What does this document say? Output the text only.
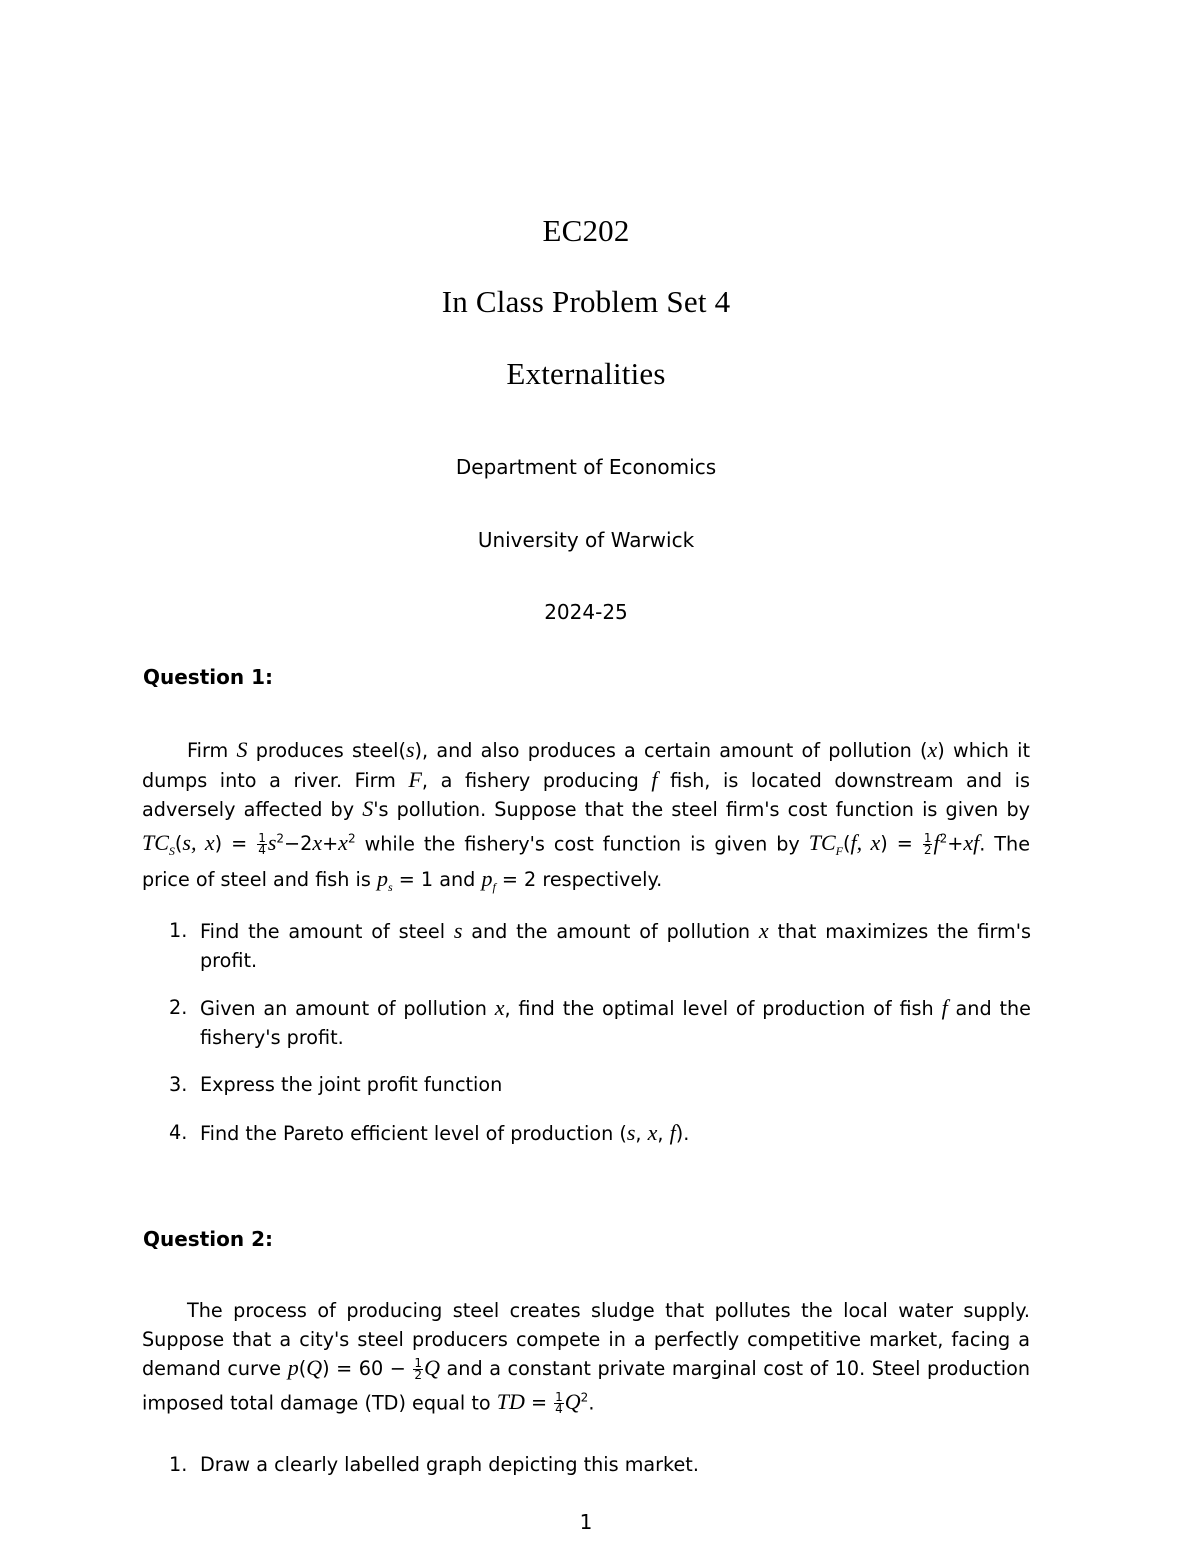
EC202
In Class Problem Set 4
Externalities
Department of Economics
University of Warwick
2024-25
Question 1:
Firm S produces steel(s), and also produces a certain amount of pollution (x) which it dumps into a river. Firm F, a fishery producing f fish, is located downstream and is adversely affected by S's pollution. Suppose that the steel firm's cost function is given by $TC_S(s$, $x) = \frac{1}{4} s^2-2x+x^2$ while the fishery's cost function is given by $TC_F(f$, $x) = \frac{1}{2} f^2+xf$. The price of steel and fish is $p_s = 1$ and $p_f = 2$ respectively.
1. Find the amount of steel s and the amount of pollution x that maximizes the firm's profit.
2. Given an amount of pollution x, find the optimal level of production of fish f and the fishery's profit.
3. Express the joint profit function
4. Find the Pareto efficient level of production (s, x, f).
Question 2:
The process of producing steel creates sludge that pollutes the local water supply. Suppose that a city's steel producers compete in a perfectly competitive market, facing a demand curve $p(Q) = 60 - \frac{1}{2}$ Q and a constant private marginal cost of 10. Steel production imposed total damage (TD) equal to TD = $\frac{1}{4} Q^2$.
1. Draw a clearly labelled graph depicting this market.
1
